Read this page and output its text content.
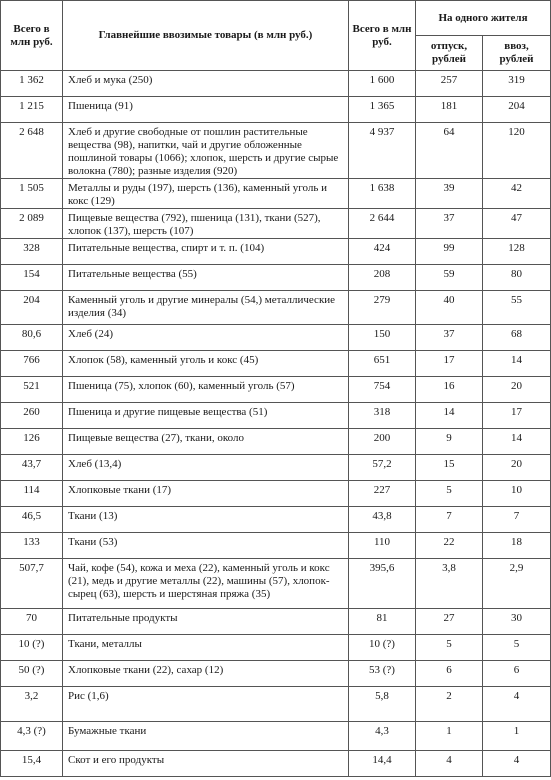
Всего в млн руб.	Главнейшие ввозимые товары (в млн руб.)	Всего в млн руб.	На одного жителя	
			отпуск, рублей	ввоз, рублей
1 362	Хлеб и мука (250)	1 600	257	319
1 215	Пшеница (91)	1 365	181	204
2 648	Хлеб и другие свободные от пошлин растительные вещества (98), напитки, чай и другие обложенные пошлиной товары (1066); хлопок, шерсть и другие сырые волокна (780); разные изделия (920)	4 937	64	120
1 505	Металлы и руды (197), шерсть (136), каменный уголь и кокс (129)	1 638	39	42
2 089	Пищевые вещества (792), пшеница (131), ткани (527), хлопок (137), шерсть (107)	2 644	37	47
328	Питательные вещества, спирт и т. п. (104)	424	99	128
154	Питательные вещества (55)	208	59	80
204	Каменный уголь и другие минералы (54,) металлические изделия (34)	279	40	55
80,6	Хлеб (24)	150	37	68
766	Хлопок (58), каменный уголь и кокс (45)	651	17	14
521	Пшеница (75), хлопок (60), каменный уголь (57)	754	16	20
260	Пшеница и другие пищевые вещества (51)	318	14	17
126	Пищевые вещества (27), ткани, около	200	9	14
43,7	Хлеб (13,4)	57,2	15	20
114	Хлопковые ткани (17)	227	5	10
46,5	Ткани (13)	43,8	7	7
133	Ткани (53)	110	22	18
507,7	Чай, кофе (54), кожа и меха (22), каменный уголь и кокс (21), медь и другие металлы (22), машины (57), хлопок-сырец (63), шерсть и шерстяная пряжа (35)	395,6	3,8	2,9
70	Питательные продукты	81	27	30
10 (?)	Ткани, металлы	10 (?)	5	5
50 (?)	Хлопковые ткани (22), сахар (12)	53 (?)	6	6
3,2	Рис (1,6)	5,8	2	4
4,3 (?)	Бумажные ткани	4,3	1	1
15,4	Скот и его продукты	14,4	4	4
